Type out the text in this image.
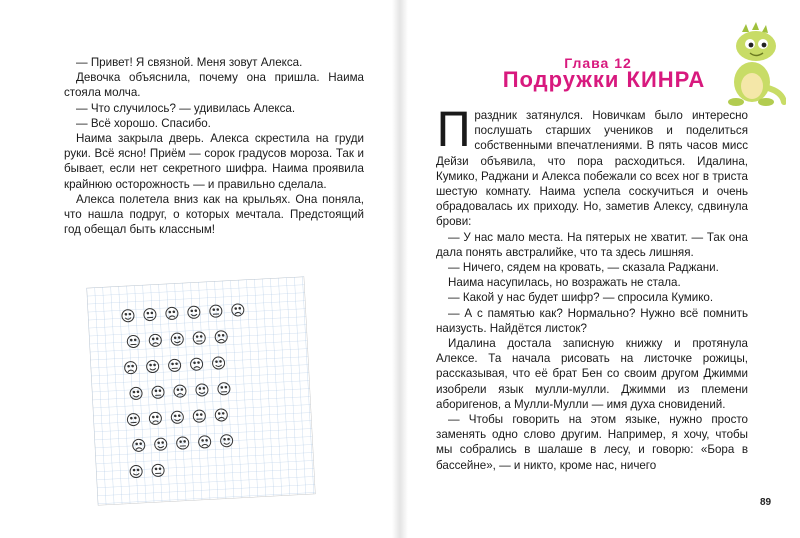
— Привет! Я связной. Меня зовут Алекса.

Девочка объяснила, почему она пришла. Наима стояла молча.

— Что случилось? — удивилась Алекса.

— Всё хорошо. Спасибо.

Наима закрыла дверь. Алекса скрестила на груди руки. Всё ясно! Приём — сорок градусов мороза. Так и бывает, если нет секретного шифра. Наима проявила крайнюю осторожность — и правильно сделала.

Алекса полетела вниз как на крыльях. Она поняла, что нашла подруг, о которых мечтала. Предстоящий год обещал быть классным!

Глава 12
Подружки КИНРА

Праздник затянулся. Новичкам было интересно послушать старших учеников и поделиться собственными впечатлениями. В пять часов мисс Дейзи объявила, что пора расходиться. Идалина, Кумико, Раджани и Алекса побежали со всех ног в триста шестую комнату. Наима успела соскучиться и очень обрадовалась их приходу. Но, заметив Алексу, сдвинула брови:

— У нас мало места. На пятерых не хватит. — Так она дала понять австралийке, что та здесь лишняя.

— Ничего, сядем на кровать, — сказала Раджани.

Наима насупилась, но возражать не стала.

— Какой у нас будет шифр? — спросила Кумико.

— А с памятью как? Нормально? Нужно всё помнить наизусть. Найдётся листок?

Идалина достала записную книжку и протянула Алексе. Та начала рисовать на листочке рожицы, рассказывая, что её брат Бен со своим другом Джимми изобрели язык мулли-мулли. Джимми из племени аборигенов, а Мулли-Мулли — имя духа сновидений.

— Чтобы говорить на этом языке, нужно просто заменять одно слово другим. Например, я хочу, чтобы мы собрались в шалаше в лесу, и говорю: «Бора в бассейне», — и никто, кроме нас, ничего

89
